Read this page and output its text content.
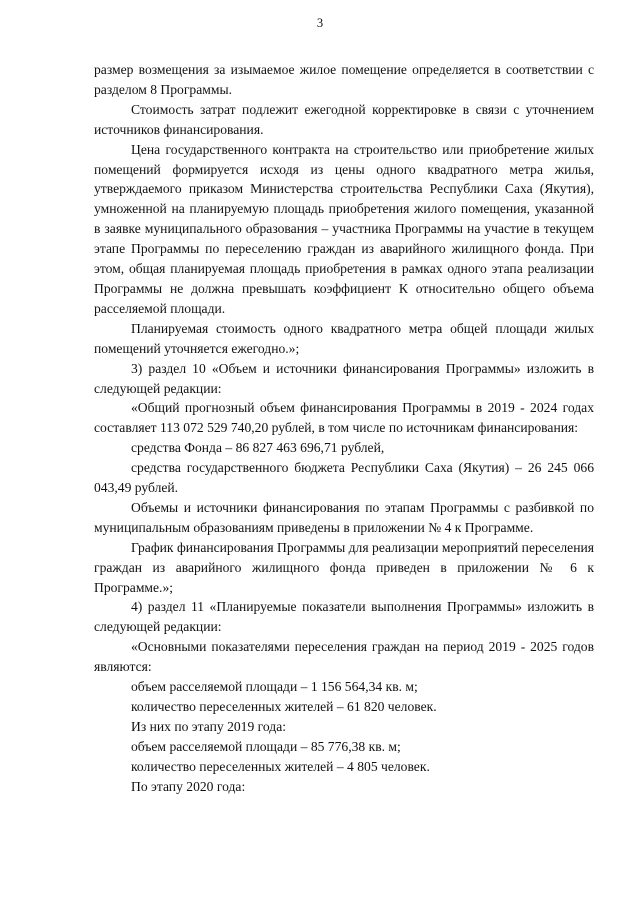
3

размер возмещения за изымаемое жилое помещение определяется в соответствии с разделом 8 Программы.

Стоимость затрат подлежит ежегодной корректировке в связи с уточнением источников финансирования.

Цена государственного контракта на строительство или приобретение жилых помещений формируется исходя из цены одного квадратного метра жилья, утверждаемого приказом Министерства строительства Республики Саха (Якутия), умноженной на планируемую площадь приобретения жилого помещения, указанной в заявке муниципального образования – участника Программы на участие в текущем этапе Программы по переселению граждан из аварийного жилищного фонда. При этом, общая планируемая площадь приобретения в рамках одного этапа реализации Программы не должна превышать коэффициент К относительно общего объема расселяемой площади.

Планируемая стоимость одного квадратного метра общей площади жилых помещений уточняется ежегодно.»;

3) раздел 10 «Объем и источники финансирования Программы» изложить в следующей редакции:

«Общий прогнозный объем финансирования Программы в 2019 - 2024 годах составляет 113 072 529 740,20 рублей, в том числе по источникам финансирования:

средства Фонда – 86 827 463 696,71 рублей,

средства государственного бюджета Республики Саха (Якутия) – 26 245 066 043,49 рублей.

Объемы и источники финансирования по этапам Программы с разбивкой по муниципальным образованиям приведены в приложении № 4 к Программе.

График финансирования Программы для реализации мероприятий переселения граждан из аварийного жилищного фонда приведен в приложении № 6 к Программе.»;

4) раздел 11 «Планируемые показатели выполнения Программы» изложить в следующей редакции:

«Основными показателями переселения граждан на период 2019 - 2025 годов являются:

объем расселяемой площади – 1 156 564,34 кв. м;

количество переселенных жителей – 61 820 человек.

Из них по этапу 2019 года:

объем расселяемой площади – 85 776,38 кв. м;

количество переселенных жителей – 4 805 человек.

По этапу 2020 года:
